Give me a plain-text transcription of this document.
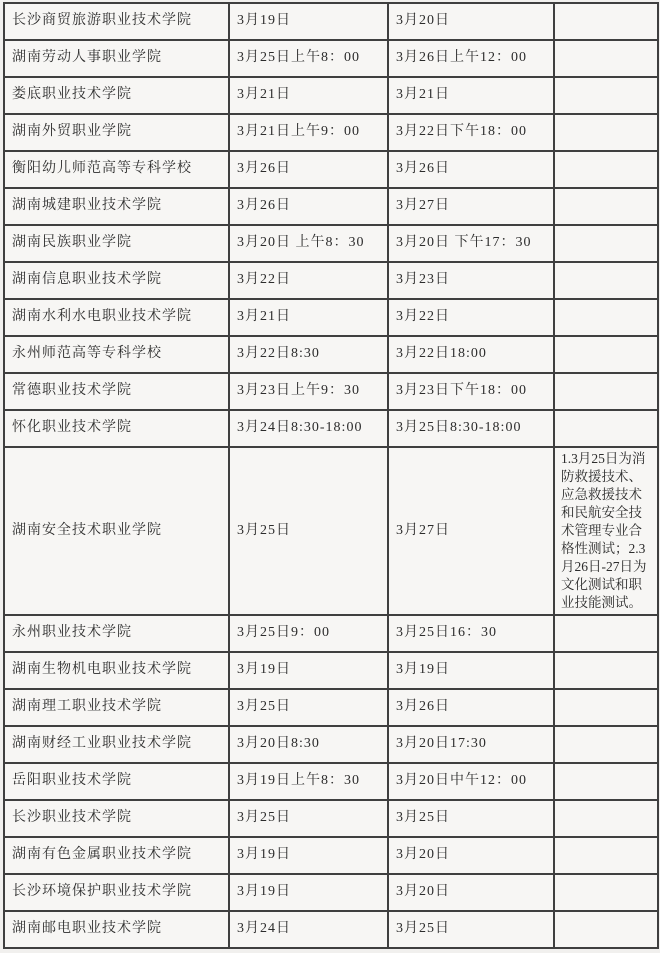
长沙商贸旅游职业技术学院	3月19日	3月20日	

湖南劳动人事职业学院	3月25日上午8：00	3月26日上午12：00	

娄底职业技术学院	3月21日	3月21日	

湖南外贸职业学院	3月21日上午9：00	3月22日下午18：00	

衡阳幼儿师范高等专科学校	3月26日	3月26日	

湖南城建职业技术学院	3月26日	3月27日	

湖南民族职业学院	3月20日 上午8：30	3月20日 下午17：30	

湖南信息职业技术学院	3月22日	3月23日	

湖南水利水电职业技术学院	3月21日	3月22日	

永州师范高等专科学校	3月22日8:30	3月22日18:00	

常德职业技术学院	3月23日上午9：30	3月23日下午18：00	

怀化职业技术学院	3月24日8:30-18:00	3月25日8:30-18:00	

湖南安全技术职业学院	3月25日	3月27日	1.3月25日为消防救援技术、应急救援技术和民航安全技术管理专业合格性测试；2.3月26日-27日为文化测试和职业技能测试。

永州职业技术学院	3月25日9：00	3月25日16：30	

湖南生物机电职业技术学院	3月19日	3月19日	

湖南理工职业技术学院	3月25日	3月26日	

湖南财经工业职业技术学院	3月20日8:30	3月20日17:30	

岳阳职业技术学院	3月19日上午8：30	3月20日中午12：00	

长沙职业技术学院	3月25日	3月25日	

湖南有色金属职业技术学院	3月19日	3月20日	

长沙环境保护职业技术学院	3月19日	3月20日	

湖南邮电职业技术学院	3月24日	3月25日	
